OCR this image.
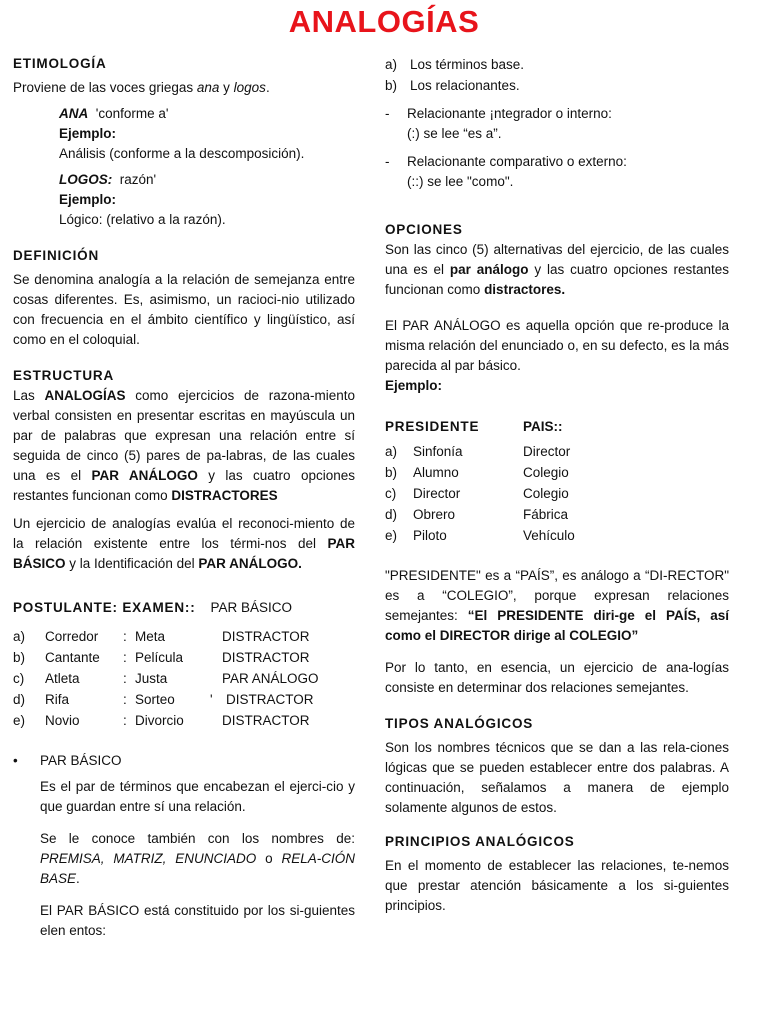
ANALOGÍAS
ETIMOLOGÍA

Proviene de las voces griegas ana y logos.

ANA 'conforme a'

Ejemplo:

Análisis (conforme a la descomposición).

LOGOS: razón'

Ejemplo:

Lógico: (relativo a la razón).

DEFINICIÓN

Se denomina analogía a la relación de semejanza entre cosas diferentes. Es, asimismo, un racioci-nio utilizado con frecuencia en el ámbito científico y lingüístico, así como en el coloquial.

ESTRUCTURA

Las ANALOGÍAS como ejercicios de razona-miento verbal consisten en presentar escritas en mayúscula un par de palabras que expresan una relación entre sí seguida de cinco (5) pares de pa-labras, de las cuales una es el PAR ANÁLOGO y las cuatro opciones restantes funcionan como DISTRACTORES

Un ejercicio de analogías evalúa el reconoci-miento de la relación existente entre los térmi-nos del PAR BÁSICO y la Identificación del PAR ANÁLOGO.

POSTULANTE: EXAMEN:: PAR BÁSICO

a)	Corredor	: Meta	DISTRACTOR
b)	Cantante	: Película	DISTRACTOR
c)	Atleta	: Justa	PAR ANÁLOGO
d)	Rifa	: Sorteo	' DISTRACTOR
e)	Novio	: Divorcio	DISTRACTOR
•	PAR BÁSICO

Es el par de términos que encabezan el ejerci-cio y que guardan entre sí una relación.

Se le conoce también con los nombres de: PREMISA, MATRIZ, ENUNCIADO o RELA-CIÓN BASE.

El PAR BÁSICO está constituido por los si-guientes elen entos:

a) Los términos base.
b) Los relacionantes.
-	Relacionante ¡ntegrador o interno:

(:) se lee “es a”.

-	Relacionante comparativo o externo:

(::) se lee "como".

OPCIONES

Son las cinco (5) alternativas del ejercicio, de las cuales una es el par análogo y las cuatro opciones restantes funcionan como distractores.

El PAR ANÁLOGO es aquella opción que re-produce la misma relación del enunciado o, en su defecto, es la más parecida al par básico.

Ejemplo:

PRESIDENTE	PAIS::
a)	Sinfonía	Director
b)	Alumno	Colegio
c)	Director	Colegio
d)	Obrero	Fábrica
e)	Piloto	Vehículo

"PRESIDENTE" es a “PAÍS”, es análogo a “DI-RECTOR" es a “COLEGIO”, porque expresan relaciones semejantes: “El PRESIDENTE diri-ge el PAÍS, así como el DIRECTOR dirige al COLEGIO”

Por lo tanto, en esencia, un ejercicio de ana-logías consiste en determinar dos relaciones semejantes.

TIPOS ANALÓGICOS

Son los nombres técnicos que se dan a las rela-ciones lógicas que se pueden establecer entre dos palabras. A continuación, señalamos a manera de ejemplo solamente algunos de estos.

PRINCIPIOS ANALÓGICOS

En el momento de establecer las relaciones, te-nemos que prestar atención básicamente a los si-guientes principios.
